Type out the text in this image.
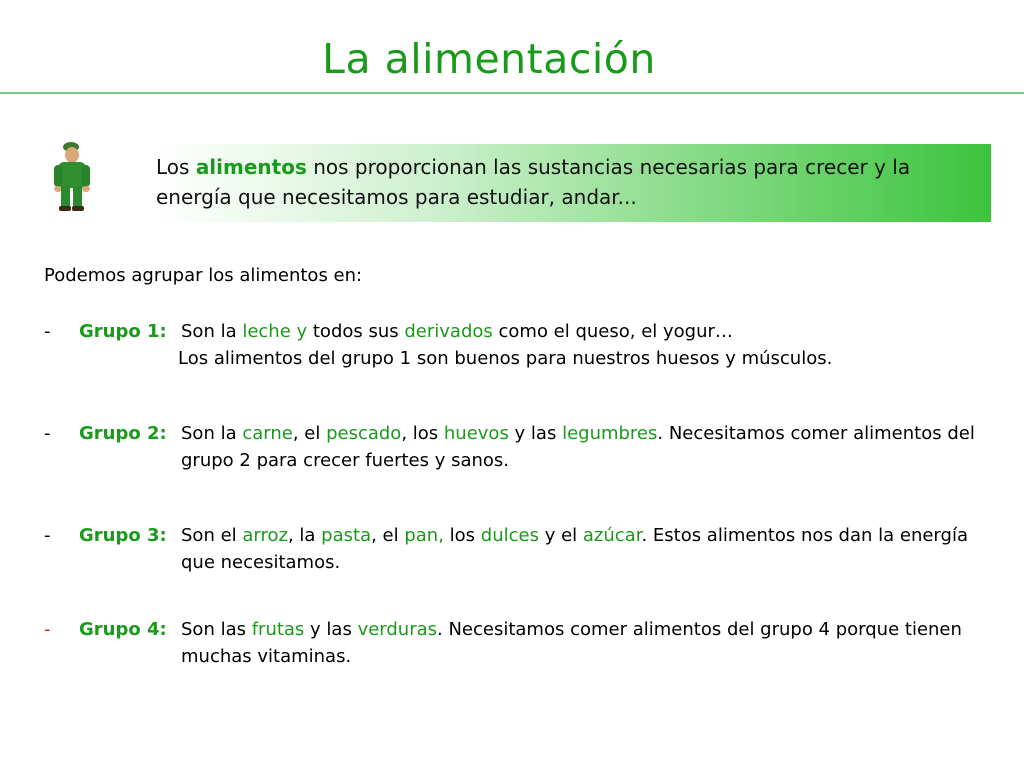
La alimentación
Los alimentos nos proporcionan las sustancias necesarias para crecer y la energía que necesitamos para estudiar, andar...
Podemos agrupar los alimentos en:
- Grupo 1: Son la leche y todos sus derivados como el queso, el yogur…
Los alimentos del grupo 1 son buenos para nuestros huesos y músculos.
- Grupo 2: Son la carne, el pescado, los huevos y las legumbres. Necesitamos comer alimentos del grupo 2 para crecer fuertes y sanos.
- Grupo 3: Son el arroz, la pasta, el pan, los dulces y el azúcar. Estos alimentos nos dan la energía que necesitamos.
- Grupo 4: Son las frutas y las verduras. Necesitamos comer alimentos del grupo 4 porque tienen muchas vitaminas.
